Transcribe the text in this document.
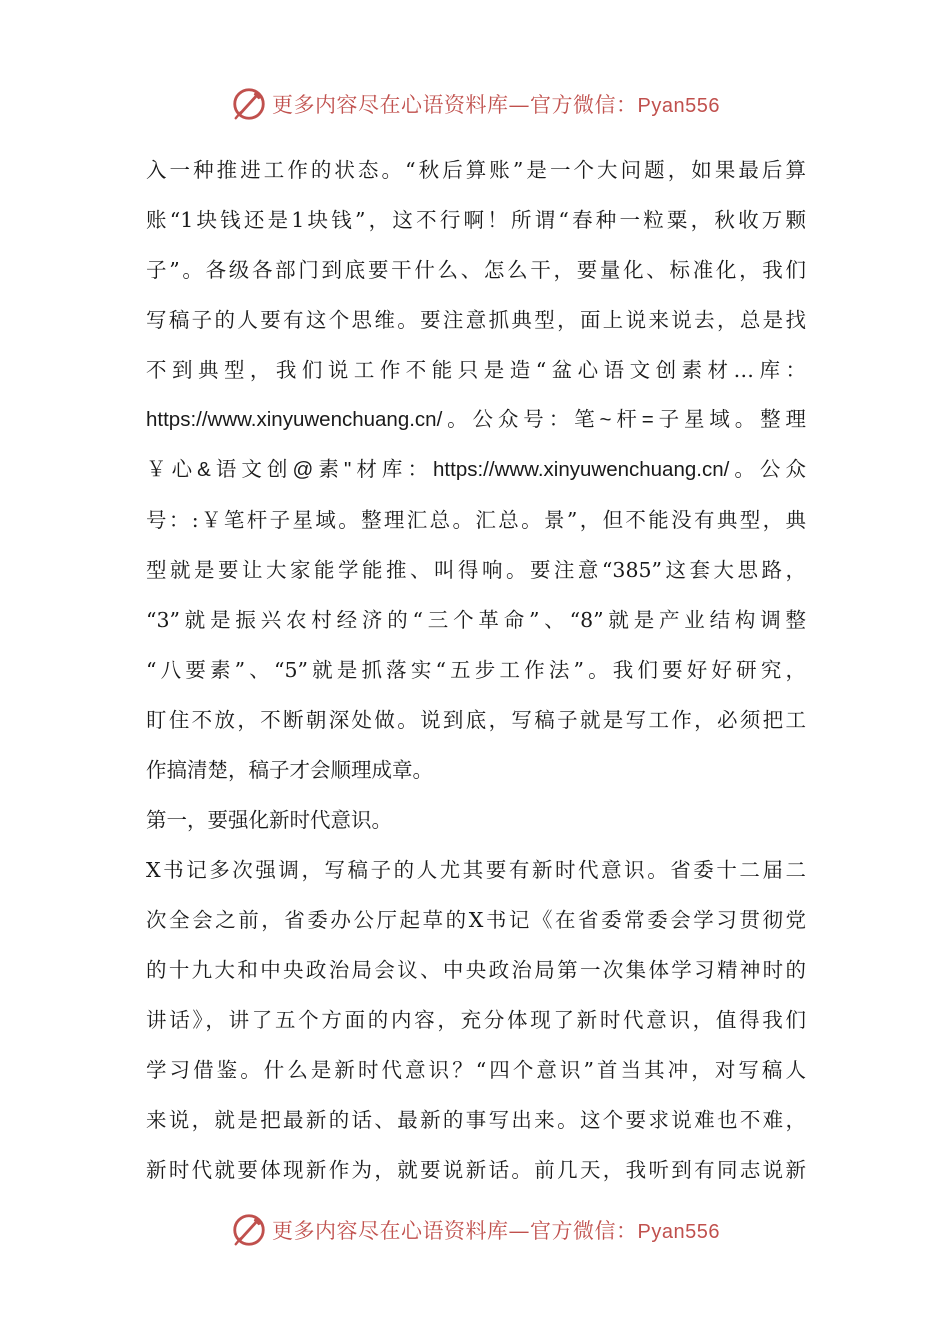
更多内容尽在心语资料库—官方微信：Pyan556
入一种推进工作的状态。“秋后算账”是一个大问题，如果最后算
账“1块钱还是1块钱”，这不行啊！所谓“春种一粒粟，秋收万颗
子”。各级各部门到底要干什么、怎么干，要量化、标准化，我们
写稿子的人要有这个思维。要注意抓典型，面上说来说去，总是找
不到典型，我们说工作不能只是造“盆心语文创素材…库：
https://www.xinyuwenchuang.cn/。公众号：笔~杆=子星域。整理
￥心&语文创@素"材库：https://www.xinyuwenchuang.cn/。公众
号：:￥笔杆子星域。整理汇总。汇总。景”，但不能没有典型，典
型就是要让大家能学能推、叫得响。要注意“385”这套大思路，
“3”就是振兴农村经济的“三个革命”、“8”就是产业结构调整
“八要素”、“5”就是抓落实“五步工作法”。我们要好好研究，
盯住不放，不断朝深处做。说到底，写稿子就是写工作，必须把工
作搞清楚，稿子才会顺理成章。
第一，要强化新时代意识。
X书记多次强调，写稿子的人尤其要有新时代意识。省委十二届二
次全会之前，省委办公厅起草的X书记《在省委常委会学习贯彻党
的十九大和中央政治局会议、中央政治局第一次集体学习精神时的
讲话》，讲了五个方面的内容，充分体现了新时代意识，值得我们
学习借鉴。什么是新时代意识？“四个意识”首当其冲，对写稿人
来说，就是把最新的话、最新的事写出来。这个要求说难也不难，
新时代就要体现新作为，就要说新话。前几天，我听到有同志说新
更多内容尽在心语资料库—官方微信：Pyan556
